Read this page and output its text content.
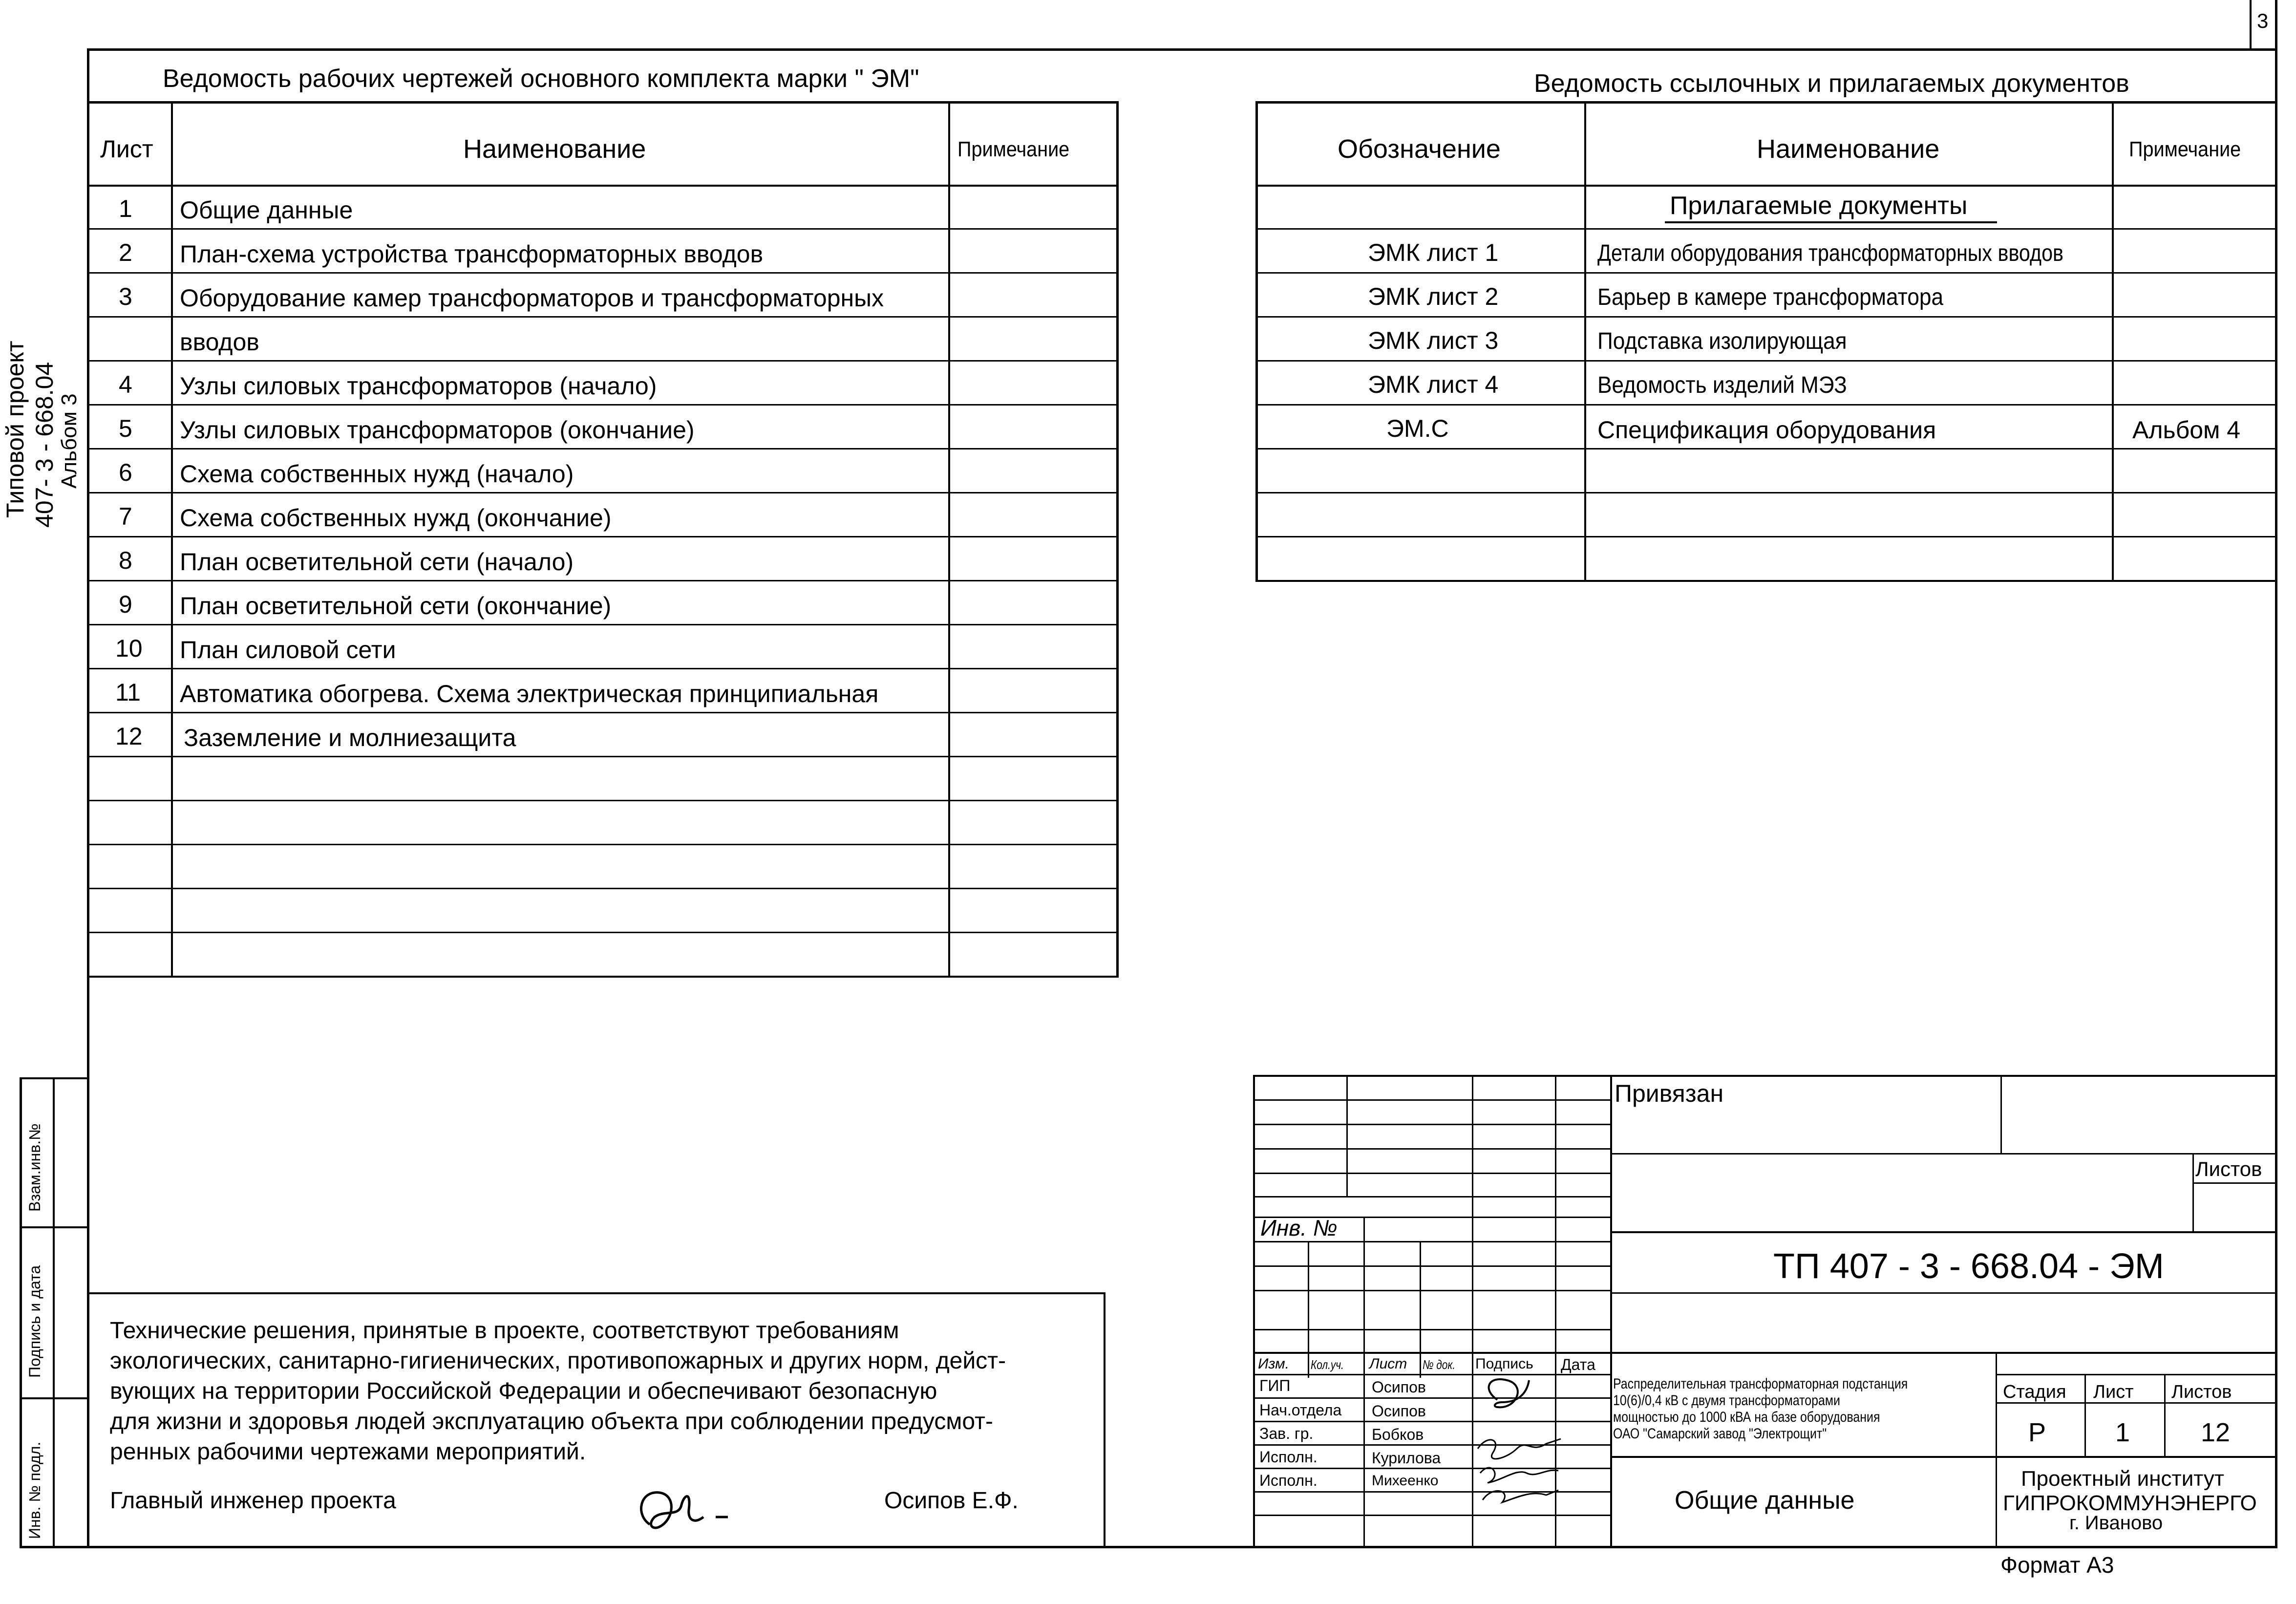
3
Типовой проект 407- 3 - 668.04
Альбом 3
Взам.инв.№
Подпись и дата
Инв. № подл.
Ведомость рабочих чертежей основного комплекта марки " ЭМ"
Лист	Наименование	Примечание
1 Общие данные
2 План-схема устройства трансформаторных вводов
3 Оборудование камер трансформаторов и трансформаторных
вводов
4 Узлы силовых трансформаторов (начало)
5 Узлы силовых трансформаторов (окончание)
6 Схема собственных нужд (начало)
7 Схема собственных нужд (окончание)
8 План осветительной сети (начало)
9 План осветительной сети (окончание)
10 План силовой сети
11 Автоматика обогрева. Схема электрическая принципиальная
12 Заземление и молниезащита
Ведомость ссылочных и прилагаемых документов
Обозначение	Наименование	Примечание
Прилагаемые документы
ЭМК лист 1	Детали оборудования трансформаторных вводов
ЭМК лист 2	Барьер в камере трансформатора
ЭМК лист 3	Подставка изолирующая
ЭМК лист 4	Ведомость изделий МЭЗ
ЭМ.С	Спецификация оборудования	Альбом 4
Технические решения, принятые в проекте, соответствуют требованиям
экологических, санитарно-гигиенических, противопожарных и других норм, дейст-
вующих на территории Российской Федерации и обеспечивают безопасную
для жизни и здоровья людей эксплуатацию объекта при соблюдении предусмот-
ренных рабочими чертежами мероприятий.
Главный инженер проекта	Осипов Е.Ф.
Привязан
Листов
Инв. №
ТП 407 - 3 - 668.04 - ЭМ
Изм. Кол.уч. Лист № док. Подпись Дата
ГИП	Осипов
Нач.отдела Осипов
Зав. гр.	Бобков
Исполн.	Курилова
Исполн.	Михеенко
Распределительная трансформаторная подстанция
10(6)/0,4 кВ с двумя трансформаторами
мощностью до 1000 кВА на базе оборудования
ОАО "Самарский завод "Электрощит"
Стадия Лист Листов
Р	1	12
Общие данные
Проектный институт
ГИПРОКОММУНЭНЕРГО
г. Иваново
Формат А3
